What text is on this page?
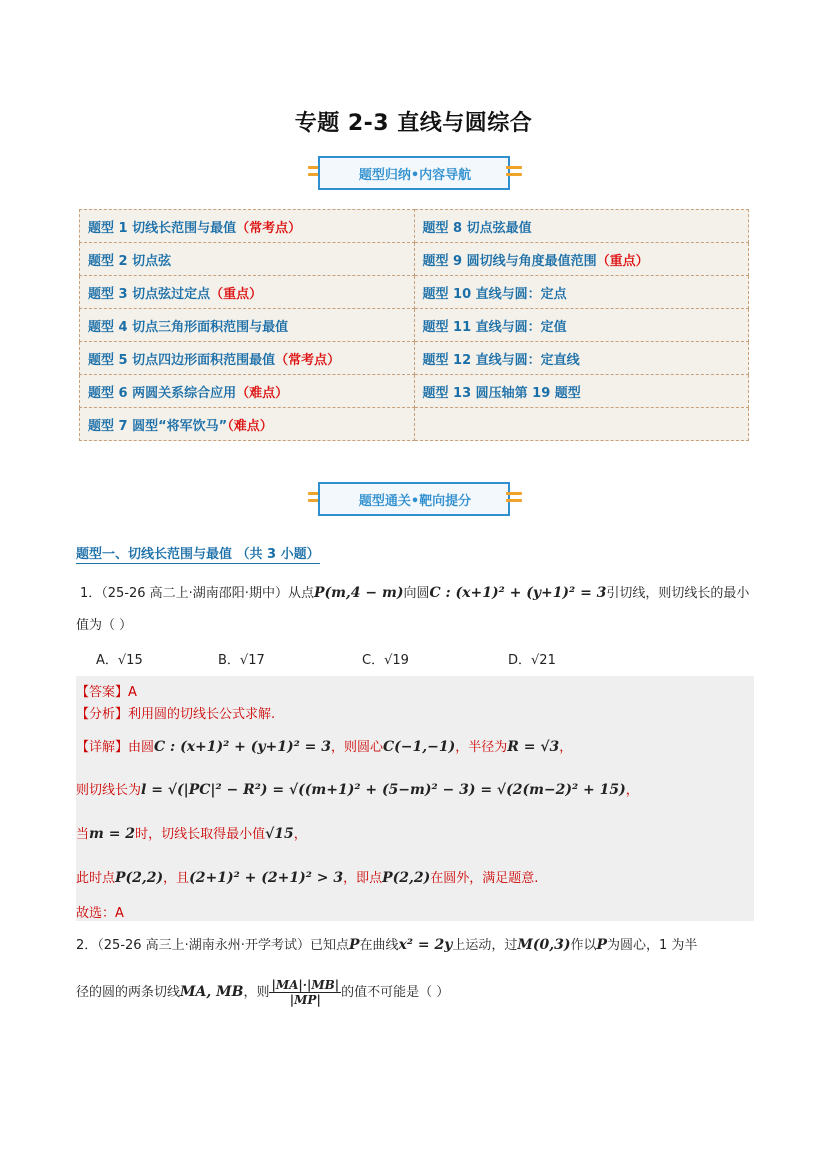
专题 2-3 直线与圆综合
题型归纳•内容导航
题型 1 切线长范围与最值（常考点）	题型 8 切点弦最值
题型 2 切点弦	题型 9 圆切线与角度最值范围（重点）
题型 3 切点弦过定点（重点）	题型 10 直线与圆：定点
题型 4 切点三角形面积范围与最值	题型 11 直线与圆：定值
题型 5 切点四边形面积范围最值（常考点）	题型 12 直线与圆：定直线
题型 6 两圆关系综合应用（难点）	题型 13 圆压轴第 19 题型
题型 7 圆型“将军饮马”（难点）	
题型通关•靶向提分
题型一、切线长范围与最值 （共 3 小题）
1．（25-26 高二上·湖南邵阳·期中）从点P(m,4 − m)向圆C : (x+1)² + (y+1)² = 3引切线，则切线长的最小
值为（ ）
A．√15	B．√17	C．√19	D．√21
【答案】A
【分析】利用圆的切线长公式求解.
【详解】由圆C : (x+1)² + (y+1)² = 3，则圆心C(−1,−1)，半径为R = √3，
则切线长为l = √(|PC|² − R²) = √((m+1)² + (5−m)² − 3) = √(2(m−2)² + 15)，
当m = 2时，切线长取得最小值√15，
此时点P(2,2)，且(2+1)² + (2+1)² > 3，即点P(2,2)在圆外，满足题意.
故选：A
2．（25-26 高三上·湖南永州·开学考试）已知点P在曲线x² = 2y上运动，过M(0,3)作以P为圆心，1 为半
径的圆的两条切线MA, MB，则 $\frac{|MA|\cdot|MB|}{|MP|}$ 的值不可能是（ ）
